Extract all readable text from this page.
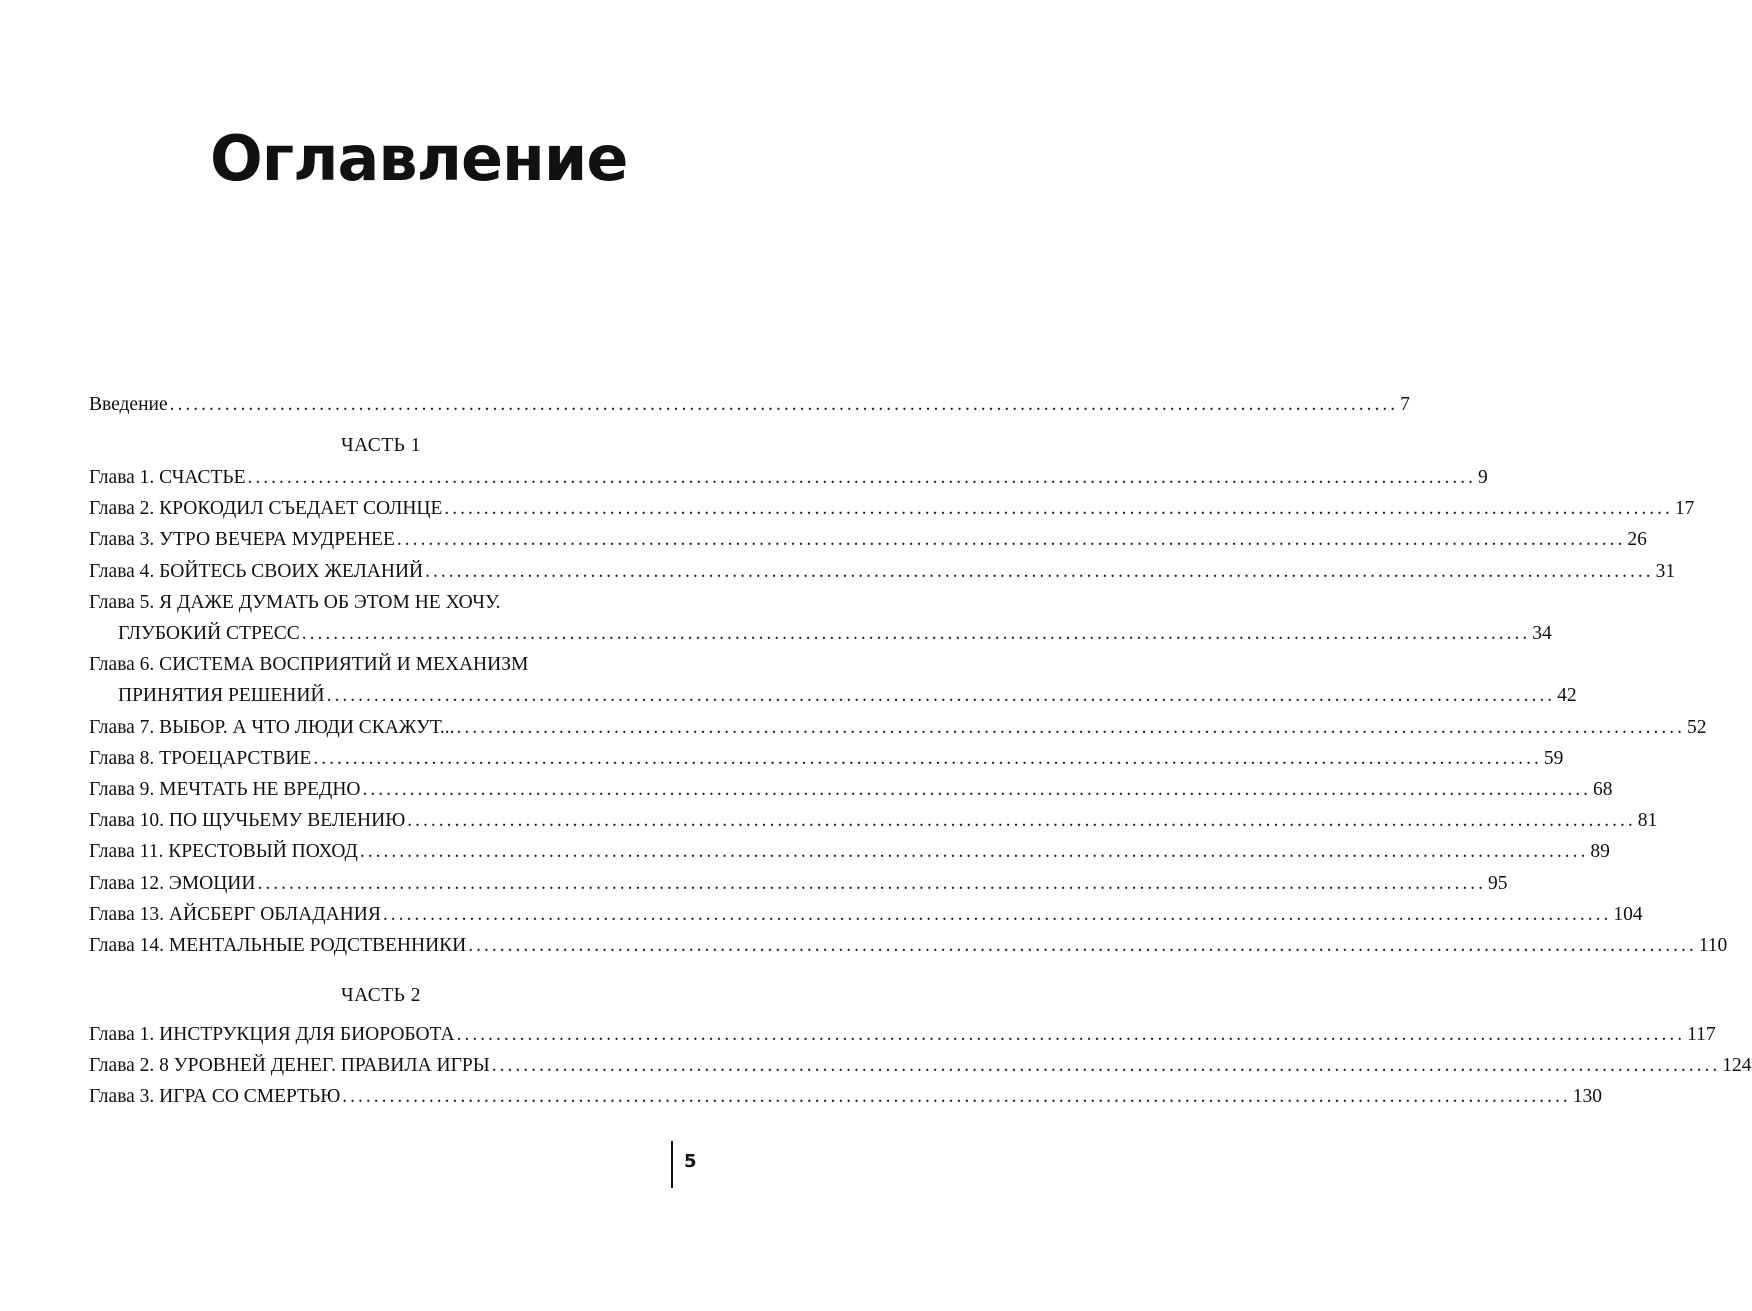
Оглавление
Введение ............................................................................................................................................................ 7
ЧАСТЬ 1
Глава 1. СЧАСТЬЕ ............................................................................................................................................................ 9
Глава 2. КРОКОДИЛ СЪЕДАЕТ СОЛНЦЕ ............................................................................................................................................................ 17
Глава 3. УТРО ВЕЧЕРА МУДРЕНЕЕ ............................................................................................................................................................ 26
Глава 4. БОЙТЕСЬ СВОИХ ЖЕЛАНИЙ ............................................................................................................................................................ 31
Глава 5. Я ДАЖЕ ДУМАТЬ ОБ ЭТОМ НЕ ХОЧУ.
ГЛУБОКИЙ СТРЕСС ............................................................................................................................................................ 34
Глава 6. СИСТЕМА ВОСПРИЯТИЙ И МЕХАНИЗМ
ПРИНЯТИЯ РЕШЕНИЙ ............................................................................................................................................................ 42
Глава 7. ВЫБОР. А ЧТО ЛЮДИ СКАЖУТ... ............................................................................................................................................................ 52
Глава 8. ТРОЕЦАРСТВИЕ ............................................................................................................................................................ 59
Глава 9. МЕЧТАТЬ НЕ ВРЕДНО ............................................................................................................................................................ 68
Глава 10. ПО ЩУЧЬЕМУ ВЕЛЕНИЮ ............................................................................................................................................................ 81
Глава 11. КРЕСТОВЫЙ ПОХОД ............................................................................................................................................................ 89
Глава 12. ЭМОЦИИ ............................................................................................................................................................ 95
Глава 13. АЙСБЕРГ ОБЛАДАНИЯ ............................................................................................................................................................ 104
Глава 14. МЕНТАЛЬНЫЕ РОДСТВЕННИКИ ............................................................................................................................................................ 110
ЧАСТЬ 2
Глава 1. ИНСТРУКЦИЯ ДЛЯ БИОРОБОТА ............................................................................................................................................................ 117
Глава 2. 8 УРОВНЕЙ ДЕНЕГ. ПРАВИЛА ИГРЫ ............................................................................................................................................................ 124
Глава 3. ИГРА СО СМЕРТЬЮ ............................................................................................................................................................ 130
5
